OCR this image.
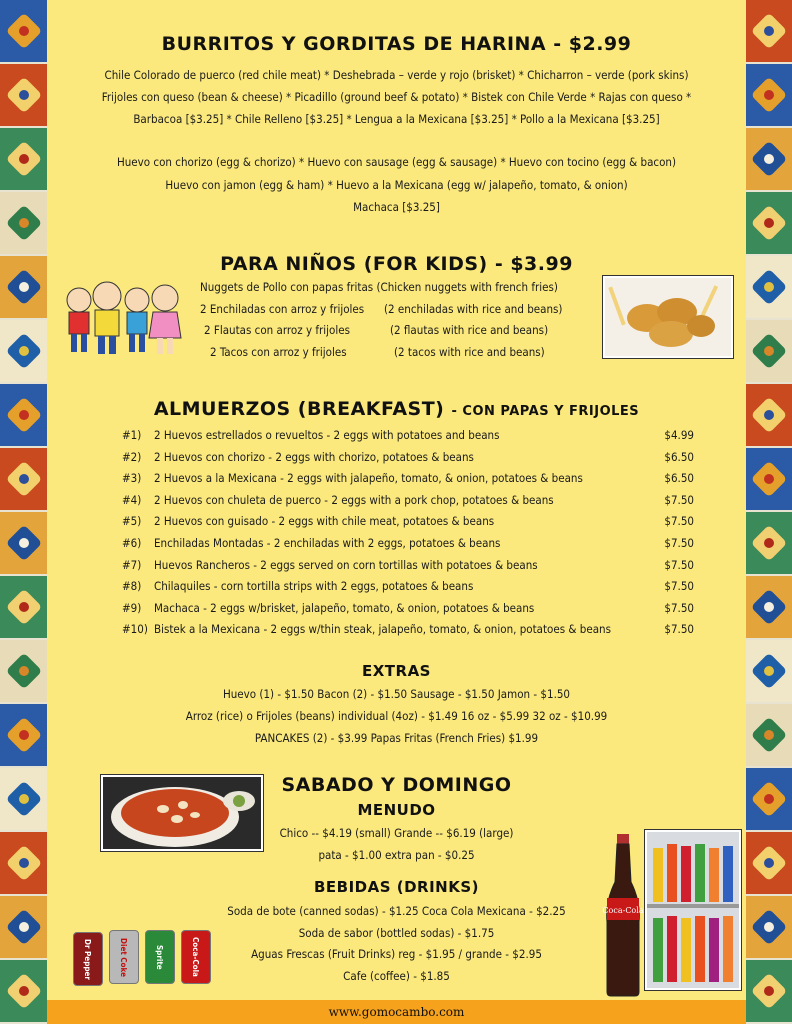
BURRITOS Y GORDITAS DE HARINA - $2.99
Chile Colorado de puerco (red chile meat) * Deshebrada – verde y rojo (brisket) * Chicharron – verde (pork skins)
Frijoles con queso (bean & cheese) * Picadillo (ground beef & potato) * Bistek con Chile Verde * Rajas con queso *
Barbacoa [$3.25] * Chile Relleno [$3.25] * Lengua a la Mexicana [$3.25] * Pollo a la Mexicana [$3.25]
Huevo con chorizo (egg & chorizo) * Huevo con sausage (egg & sausage) * Huevo con tocino (egg & bacon)
Huevo con jamon (egg & ham) * Huevo a la Mexicana (egg w/ jalapeño, tomato, & onion)
Machaca [$3.25]
PARA NIÑOS (FOR KIDS) - $3.99
Nuggets de Pollo con papas fritas (Chicken nuggets with french fries)
2 Enchiladas con arroz y frijoles (2 enchiladas with rice and beans)
2 Flautas con arroz y frijoles	(2 flautas with rice and beans)
2 Tacos con arroz y frijoles	(2 tacos with rice and beans)
ALMUERZOS (BREAKFAST) - CON PAPAS Y FRIJOLES
#1) 2 Huevos estrellados o revueltos - 2 eggs with potatoes and beans	$4.99
#2) 2 Huevos con chorizo - 2 eggs with chorizo, potatoes & beans	$6.50
#3) 2 Huevos a la Mexicana - 2 eggs with jalapeño, tomato, & onion, potatoes & beans	$6.50
#4) 2 Huevos con chuleta de puerco - 2 eggs with a pork chop, potatoes & beans	$7.50
#5) 2 Huevos con guisado - 2 eggs with chile meat, potatoes & beans	$7.50
#6) Enchiladas Montadas - 2 enchiladas with 2 eggs, potatoes & beans	$7.50
#7) Huevos Rancheros - 2 eggs served on corn tortillas with potatoes & beans	$7.50
#8) Chilaquiles - corn tortilla strips with 2 eggs, potatoes & beans	$7.50
#9) Machaca - 2 eggs w/brisket, jalapeño, tomato, & onion, potatoes & beans	$7.50
#10) Bistek a la Mexicana - 2 eggs w/thin steak, jalapeño, tomato, & onion, potatoes & beans	$7.50
EXTRAS
Huevo (1) - $1.50 Bacon (2) - $1.50 Sausage - $1.50 Jamon - $1.50
Arroz (rice) o Frijoles (beans) individual (4oz) - $1.49 16 oz - $5.99 32 oz - $10.99
PANCAKES (2) - $3.99 Papas Fritas (French Fries) $1.99
SABADO Y DOMINGO
MENUDO
Chico -- $4.19 (small) Grande -- $6.19 (large)
pata - $1.00 extra pan - $0.25
BEBIDAS (DRINKS)
Soda de bote (canned sodas) - $1.25 Coca Cola Mexicana - $2.25
Soda de sabor (bottled sodas) - $1.75
Aguas Frescas (Fruit Drinks) reg - $1.95 / grande - $2.95
Cafe (coffee) - $1.85
Dr Pepper	Diet Coke	Sprite	Coca-Cola
Coca-Cola
www.gomocambo.com
